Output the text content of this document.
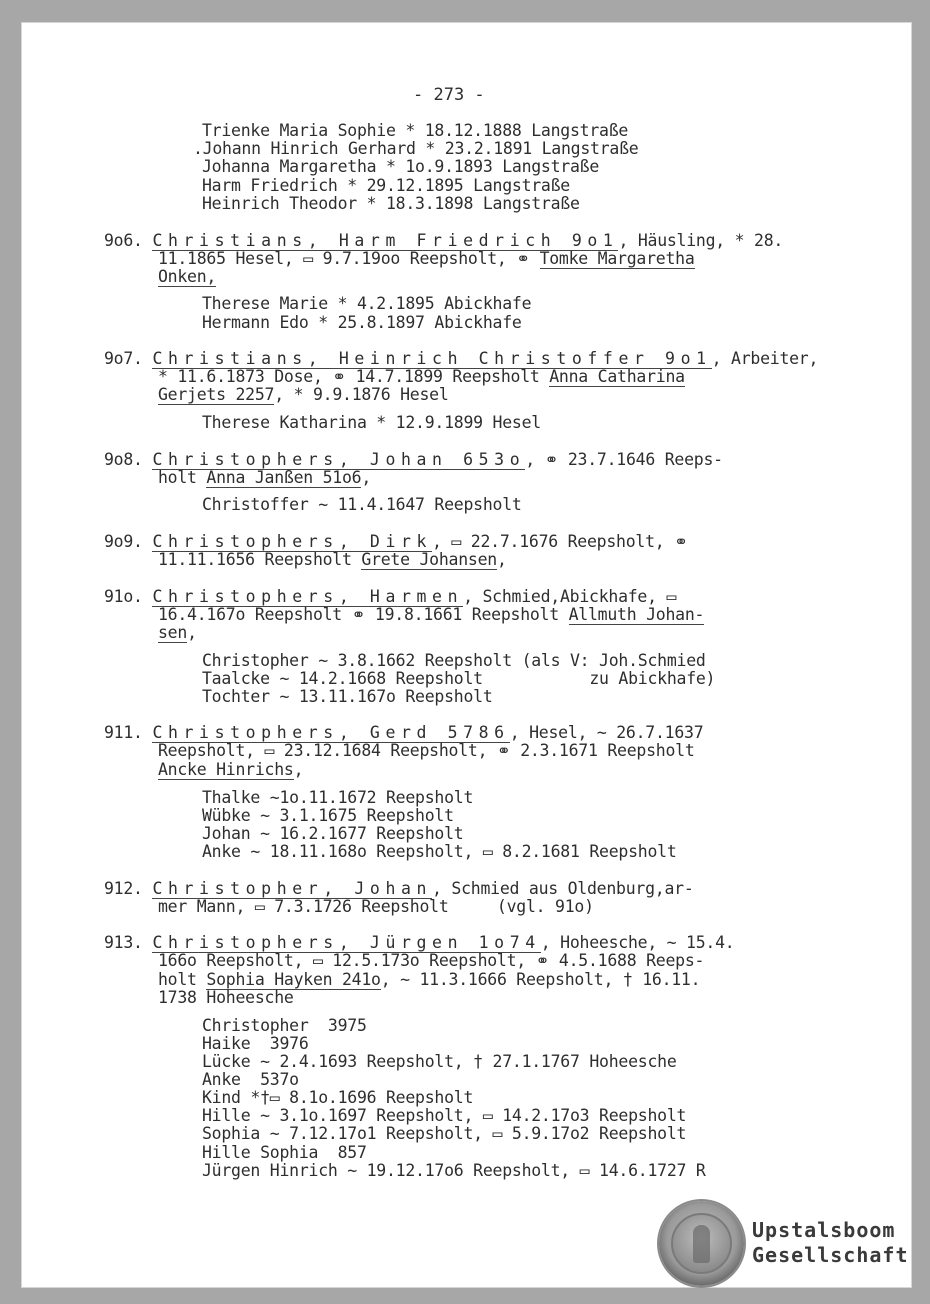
- 273 -
Trienke Maria Sophie * 18.12.1888 Langstraße
.Johann Hinrich Gerhard * 23.2.1891 Langstraße
Johanna Margaretha * 1o.9.1893 Langstraße
Harm Friedrich * 29.12.1895 Langstraße
Heinrich Theodor * 18.3.1898 Langstraße
9o6. Christians, Harm Friedrich 9o1, Häusling, * 28.
11.1865 Hesel, ▭ 9.7.19oo Reepsholt, ⚭ Tomke Margaretha
Onken,
Therese Marie * 4.2.1895 Abickhafe
Hermann Edo * 25.8.1897 Abickhafe
9o7. Christians, Heinrich Christoffer 9o1, Arbeiter,
* 11.6.1873 Dose, ⚭ 14.7.1899 Reepsholt Anna Catharina
Gerjets 2257, * 9.9.1876 Hesel
Therese Katharina * 12.9.1899 Hesel
9o8. Christophers, Johan 653o, ⚭ 23.7.1646 Reeps-
holt Anna Janßen 51o6,
Christoffer ~ 11.4.1647 Reepsholt
9o9. Christophers, Dirk, ▭ 22.7.1676 Reepsholt, ⚭
11.11.1656 Reepsholt Grete Johansen,
91o. Christophers, Harmen, Schmied,Abickhafe, ▭
16.4.167o Reepsholt ⚭ 19.8.1661 Reepsholt Allmuth Johan-
sen,
Christopher ~ 3.8.1662 Reepsholt (als V: Joh.Schmied
Taalcke ~ 14.2.1668 Reepsholt           zu Abickhafe)
Tochter ~ 13.11.167o Reepsholt
911. Christophers, Gerd 5786, Hesel, ~ 26.7.1637
Reepsholt, ▭ 23.12.1684 Reepsholt, ⚭ 2.3.1671 Reepsholt
Ancke Hinrichs,
Thalke ~1o.11.1672 Reepsholt
Wübke ~ 3.1.1675 Reepsholt
Johan ~ 16.2.1677 Reepsholt
Anke ~ 18.11.168o Reepsholt, ▭ 8.2.1681 Reepsholt
912. Christopher, Johan, Schmied aus Oldenburg,ar-
mer Mann, ▭ 7.3.1726 Reepsholt     (vgl. 91o)
913. Christophers, Jürgen 1o74, Hoheesche, ~ 15.4.
166o Reepsholt, ▭ 12.5.173o Reepsholt, ⚭ 4.5.1688 Reeps-
holt Sophia Hayken 241o, ~ 11.3.1666 Reepsholt, † 16.11.
1738 Hoheesche
Christopher  3975
Haike  3976
Lücke ~ 2.4.1693 Reepsholt, † 27.1.1767 Hoheesche
Anke  537o
Kind *†▭ 8.1o.1696 Reepsholt
Hille ~ 3.1o.1697 Reepsholt, ▭ 14.2.17o3 Reepsholt
Sophia ~ 7.12.17o1 Reepsholt, ▭ 5.9.17o2 Reepsholt
Hille Sophia  857
Jürgen Hinrich ~ 19.12.17o6 Reepsholt, ▭ 14.6.1727 R
Upstalsboom
Gesellschaft
